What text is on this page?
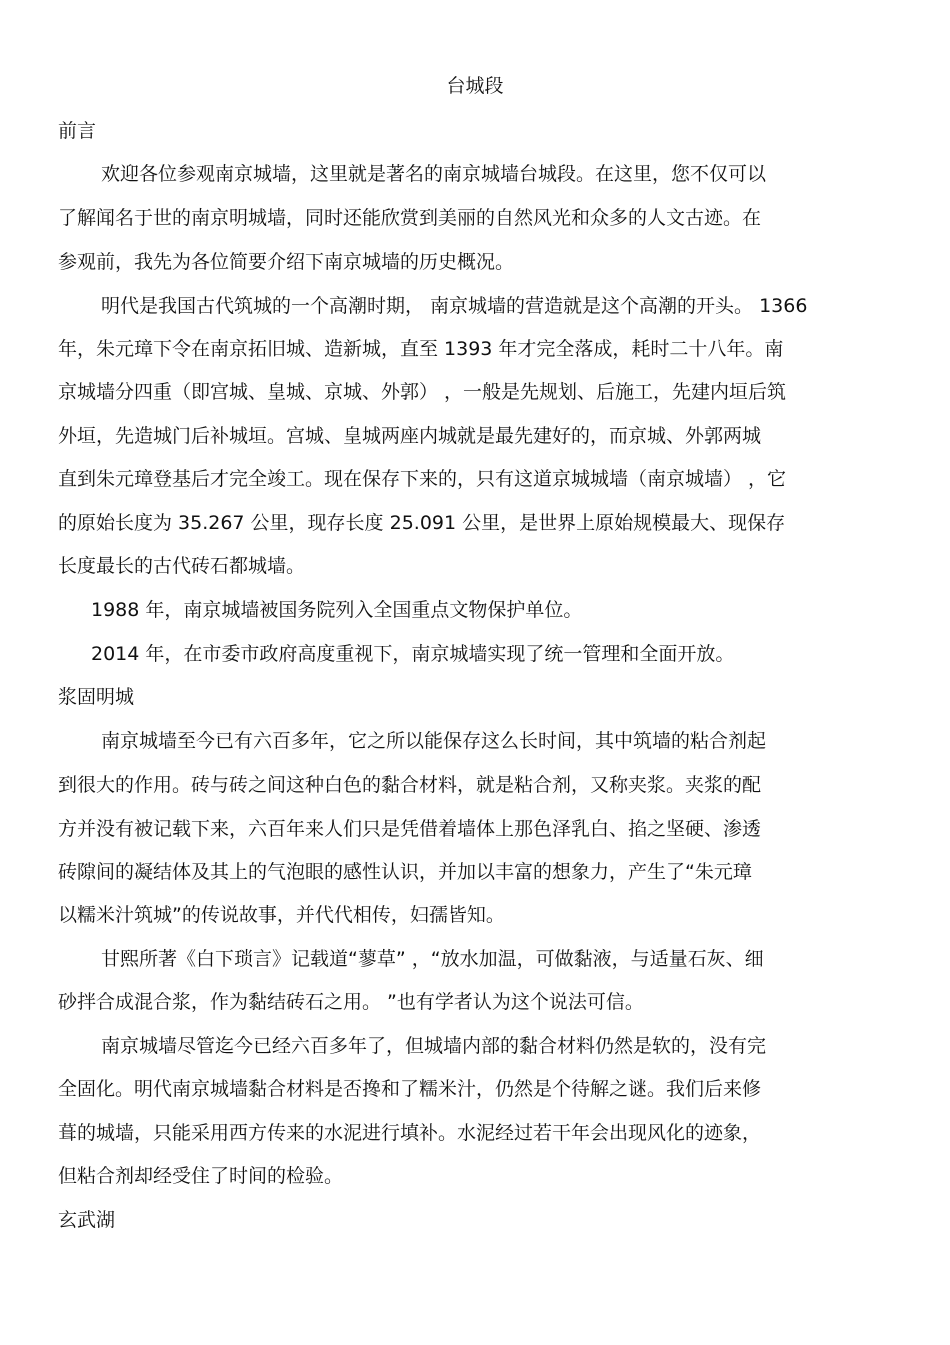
台城段
前言
欢迎各位参观南京城墙，这里就是著名的南京城墙台城段。在这里，您不仅可以
了解闻名于世的南京明城墙，同时还能欣赏到美丽的自然风光和众多的人文古迹。在
参观前，我先为各位简要介绍下南京城墙的历史概况。
明代是我国古代筑城的一个高潮时期， 南京城墙的营造就是这个高潮的开头。 1366
年，朱元璋下令在南京拓旧城、造新城，直至 1393 年才完全落成，耗时二十八年。南
京城墙分四重（即宫城、皇城、京城、外郭） ，一般是先规划、后施工，先建内垣后筑
外垣，先造城门后补城垣。宫城、皇城两座内城就是最先建好的，而京城、外郭两城
直到朱元璋登基后才完全竣工。现在保存下来的，只有这道京城城墙（南京城墙） ，它
的原始长度为 35.267 公里，现存长度 25.091 公里，是世界上原始规模最大、现保存
长度最长的古代砖石都城墙。
1988 年，南京城墙被国务院列入全国重点文物保护单位。
2014 年，在市委市政府高度重视下，南京城墙实现了统一管理和全面开放。
浆固明城
南京城墙至今已有六百多年，它之所以能保存这么长时间，其中筑墙的粘合剂起
到很大的作用。砖与砖之间这种白色的黏合材料，就是粘合剂，又称夹浆。夹浆的配
方并没有被记载下来，六百年来人们只是凭借着墙体上那色泽乳白、掐之坚硬、渗透
砖隙间的凝结体及其上的气泡眼的感性认识，并加以丰富的想象力，产生了“朱元璋
以糯米汁筑城”的传说故事，并代代相传，妇孺皆知。
甘熙所著《白下琐言》记载道“蓼草” ，“放水加温，可做黏液，与适量石灰、细
砂拌合成混合浆，作为黏结砖石之用。 ”也有学者认为这个说法可信。
南京城墙尽管迄今已经六百多年了，但城墙内部的黏合材料仍然是软的，没有完
全固化。明代南京城墙黏合材料是否搀和了糯米汁，仍然是个待解之谜。我们后来修
葺的城墙，只能采用西方传来的水泥进行填补。水泥经过若干年会出现风化的迹象，
但粘合剂却经受住了时间的检验。
玄武湖
